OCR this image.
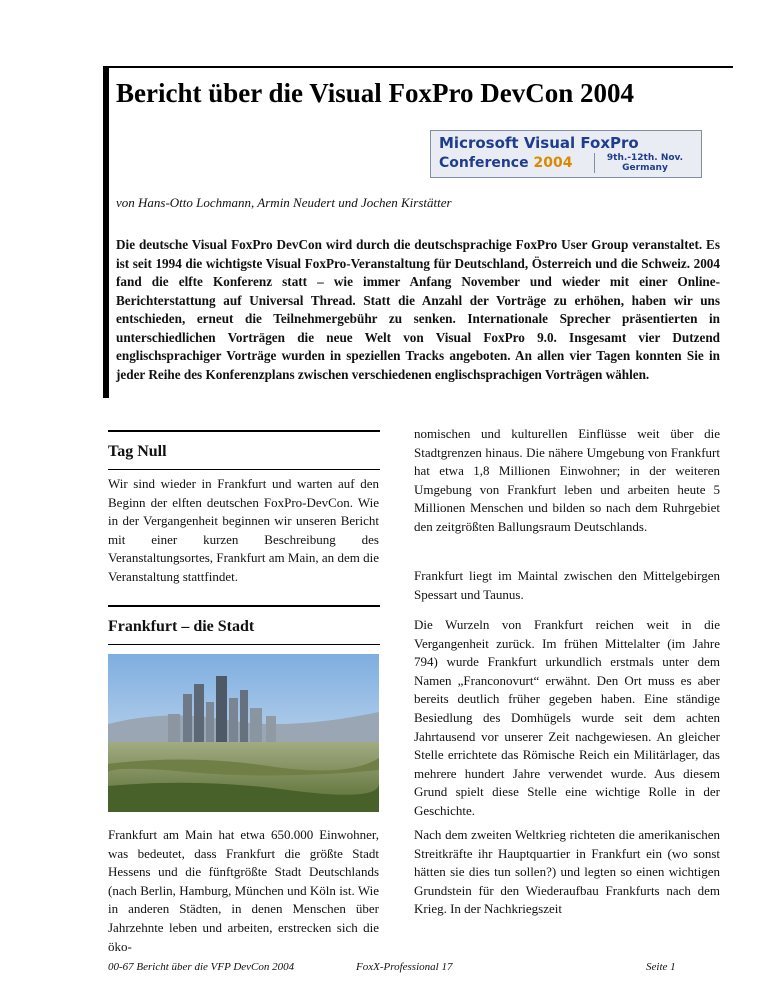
Bericht über die Visual FoxPro DevCon 2004
Microsoft Visual FoxPro
Conference 2004	9th.-12th. Nov.
Germany
von Hans-Otto Lochmann, Armin Neudert und Jochen Kirstätter

Die deutsche Visual FoxPro DevCon wird durch die deutschsprachige FoxPro User Group veranstaltet. Es ist seit 1994 die wichtigste Visual FoxPro-Veranstaltung für Deutschland, Österreich und die Schweiz. 2004 fand die elfte Konferenz statt – wie immer Anfang November und wieder mit einer Online-Berichterstattung auf Universal Thread. Statt die Anzahl der Vorträge zu erhöhen, haben wir uns entschieden, erneut die Teilnehmergebühr zu senken. Internationale Sprecher präsentierten in unterschiedlichen Vorträgen die neue Welt von Visual FoxPro 9.0. Insgesamt vier Dutzend englischsprachiger Vorträge wurden in speziellen Tracks angeboten. An allen vier Tagen konnten Sie in jeder Reihe des Konferenzplans zwischen verschiedenen englischsprachigen Vorträgen wählen.

Tag Null

Wir sind wieder in Frankfurt und warten auf den Beginn der elften deutschen FoxPro-DevCon. Wie in der Vergangenheit beginnen wir unseren Bericht mit einer kurzen Beschreibung des Veranstaltungsortes, Frankfurt am Main, an dem die Veranstaltung stattfindet.

Frankfurt – die Stadt

Frankfurt am Main hat etwa 650.000 Einwohner, was bedeutet, dass Frankfurt die größte Stadt Hessens und die fünftgrößte Stadt Deutschlands (nach Berlin, Hamburg, München und Köln ist. Wie in anderen Städten, in denen Menschen über Jahrzehnte leben und arbeiten, erstrecken sich die öko-

nomischen und kulturellen Einflüsse weit über die Stadtgrenzen hinaus. Die nähere Umgebung von Frankfurt hat etwa 1,8 Millionen Einwohner; in der weiteren Umgebung von Frankfurt leben und arbeiten heute 5 Millionen Menschen und bilden so nach dem Ruhrgebiet den zeitgrößten Ballungsraum Deutschlands.

Frankfurt liegt im Maintal zwischen den Mittelgebirgen Spessart und Taunus.

Die Wurzeln von Frankfurt reichen weit in die Vergangenheit zurück. Im frühen Mittelalter (im Jahre 794) wurde Frankfurt urkundlich erstmals unter dem Namen „Franconovurt“ erwähnt. Den Ort muss es aber bereits deutlich früher gegeben haben. Eine ständige Besiedlung des Domhügels wurde seit dem achten Jahrtausend vor unserer Zeit nachgewiesen. An gleicher Stelle errichtete das Römische Reich ein Militärlager, das mehrere hundert Jahre verwendet wurde. Aus diesem Grund spielt diese Stelle eine wichtige Rolle in der Geschichte.

Nach dem zweiten Weltkrieg richteten die amerikanischen Streitkräfte ihr Hauptquartier in Frankfurt ein (wo sonst hätten sie dies tun sollen?) und legten so einen wichtigen Grundstein für den Wiederaufbau Frankfurts nach dem Krieg. In der Nachkriegszeit

00-67 Bericht über die VFP DevCon 2004	FoxX-Professional 17	Seite 1
